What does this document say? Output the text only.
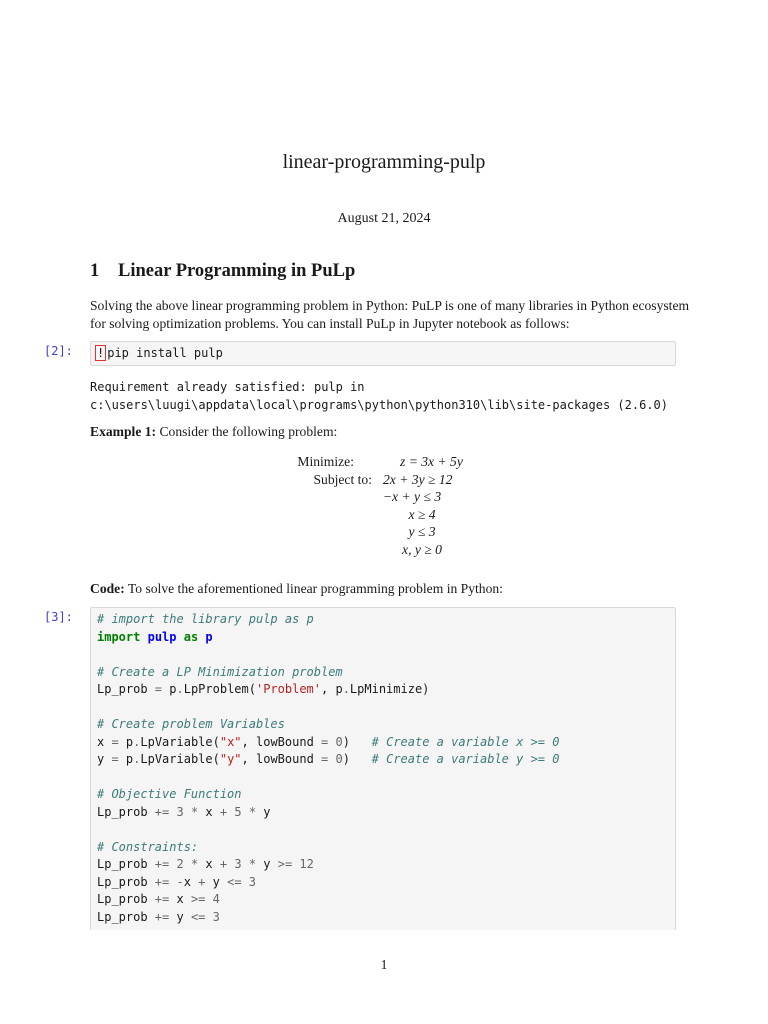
linear-programming-pulp
August 21, 2024
1 Linear Programming in PuLp
Solving the above linear programming problem in Python: PuLP is one of many libraries in Python ecosystem for solving optimization problems. You can install PuLp in Jupyter notebook as follows:
[2]:	! pip install pulp
Requirement already satisfied: pulp in
c:\users\luugi\appdata\local\programs\python\python310\lib\site-packages (2.6.0)
Example 1: Consider the following problem:
Minimize:	z = 3x + 5y
Subject to: 2x + 3y ≥ 12
−x + y ≤ 3
x ≥ 4
y ≤ 3
x, y ≥ 0
Code: To solve the aforementioned linear programming problem in Python:
[3]:	# import the library pulp as p
import pulp as p

# Create a LP Minimization problem
Lp_prob = p.LpProblem('Problem', p.LpMinimize)

# Create problem Variables
x = p.LpVariable("x", lowBound = 0)   # Create a variable x >= 0
y = p.LpVariable("y", lowBound = 0)   # Create a variable y >= 0

# Objective Function
Lp_prob += 3 * x + 5 * y

# Constraints:
Lp_prob += 2 * x + 3 * y >= 12
Lp_prob += -x + y <= 3
Lp_prob += x >= 4
Lp_prob += y <= 3
1
